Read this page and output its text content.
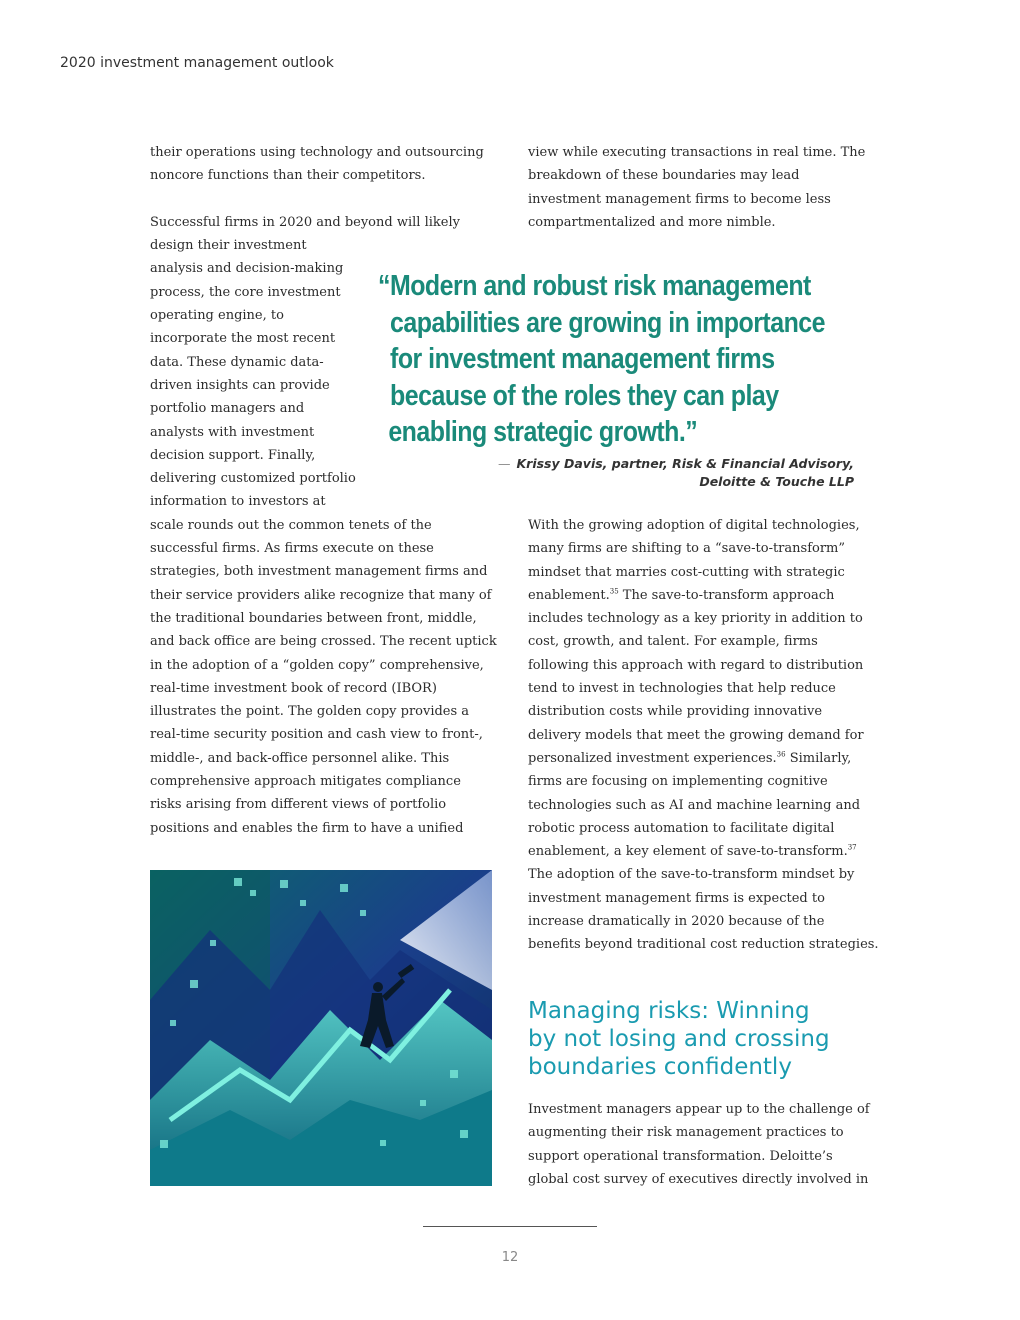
2020 investment management outlook
their operations using technology and outsourcing
noncore functions than their competitors.
Successful firms in 2020 and beyond will likely
design their investment
analysis and decision-making
process, the core investment
operating engine, to
incorporate the most recent
data. These dynamic data-
driven insights can provide
portfolio managers and
analysts with investment
decision support. Finally,
delivering customized portfolio
information to investors at
scale rounds out the common tenets of the
successful firms. As firms execute on these
strategies, both investment management firms and
their service providers alike recognize that many of
the traditional boundaries between front, middle,
and back office are being crossed. The recent uptick
in the adoption of a “golden copy” comprehensive,
real-time investment book of record (IBOR)
illustrates the point. The golden copy provides a
real-time security position and cash view to front-,
middle-, and back-office personnel alike. This
comprehensive approach mitigates compliance
risks arising from different views of portfolio
positions and enables the firm to have a unified
view while executing transactions in real time. The
breakdown of these boundaries may lead
investment management firms to become less
compartmentalized and more nimble.
“Modern and robust risk management
capabilities are growing in importance
for investment management firms
because of the roles they can play
enabling strategic growth.”
— Krissy Davis, partner, Risk & Financial Advisory,
Deloitte & Touche LLP
With the growing adoption of digital technologies,
many firms are shifting to a “save-to-transform”
mindset that marries cost-cutting with strategic
enablement.$^{35}$ The save-to-transform approach
includes technology as a key priority in addition to
cost, growth, and talent. For example, firms
following this approach with regard to distribution
tend to invest in technologies that help reduce
distribution costs while providing innovative
delivery models that meet the growing demand for
personalized investment experiences.$^{36}$ Similarly,
firms are focusing on implementing cognitive
technologies such as AI and machine learning and
robotic process automation to facilitate digital
enablement, a key element of save-to-transform.$^{37}$
The adoption of the save-to-transform mindset by
investment management firms is expected to
increase dramatically in 2020 because of the
benefits beyond traditional cost reduction strategies.
Managing risks: Winning
by not losing and crossing
boundaries confidently
Investment managers appear up to the challenge of
augmenting their risk management practices to
support operational transformation. Deloitte’s
global cost survey of executives directly involved in
12
